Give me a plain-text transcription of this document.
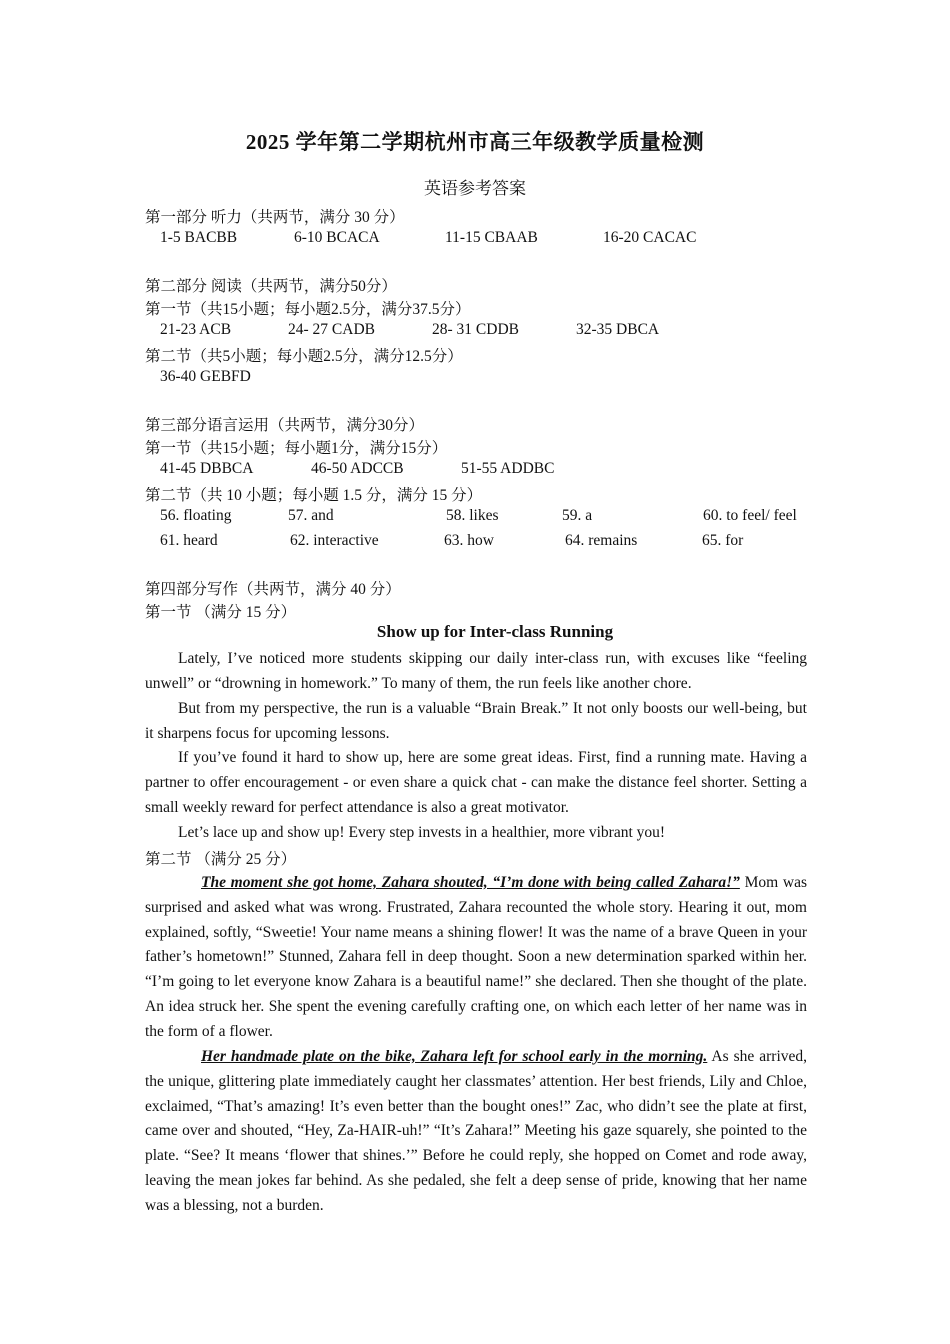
2025 学年第二学期杭州市高三年级教学质量检测
英语参考答案
第一部分 听力（共两节，满分 30 分）
1-5 BACBB	6-10 BCACA	11-15 CBAAB	16-20 CACAC
第二部分 阅读（共两节，满分50分）
第一节（共15小题；每小题2.5分，满分37.5分）
21-23 ACB	24- 27 CADB	28- 31 CDDB	32-35 DBCA
第二节（共5小题；每小题2.5分，满分12.5分）
36-40 GEBFD
第三部分语言运用（共两节，满分30分）
第一节（共15小题；每小题1分，满分15分）
41-45 DBBCA	46-50 ADCCB	51-55 ADDBC
第二节（共 10 小题；每小题 1.5 分，满分 15 分）
56. floating	57. and	58. likes	59. a	60. to feel/ feel
61. heard	62. interactive	63. how	64. remains	65. for
第四部分写作（共两节，满分 40 分）
第一节 （满分 15 分）
Show up for Inter-class Running

Lately, I’ve noticed more students skipping our daily inter-class run, with excuses like “feeling unwell” or “drowning in homework.” To many of them, the run feels like another chore.

But from my perspective, the run is a valuable “Brain Break.” It not only boosts our well-being, but it sharpens focus for upcoming lessons.

If you’ve found it hard to show up, here are some great ideas. First, find a running mate. Having a partner to offer encouragement - or even share a quick chat - can make the distance feel shorter. Setting a small weekly reward for perfect attendance is also a great motivator.

Let’s lace up and show up! Every step invests in a healthier, more vibrant you!

第二节 （满分 25 分）

The moment she got home, Zahara shouted, “I’m done with being called Zahara!” Mom was surprised and asked what was wrong. Frustrated, Zahara recounted the whole story. Hearing it out, mom explained, softly, “Sweetie! Your name means a shining flower! It was the name of a brave Queen in your father’s hometown!” Stunned, Zahara fell in deep thought. Soon a new determination sparked within her. “I’m going to let everyone know Zahara is a beautiful name!” she declared. Then she thought of the plate. An idea struck her. She spent the evening carefully crafting one, on which each letter of her name was in the form of a flower.

Her handmade plate on the bike, Zahara left for school early in the morning. As she arrived, the unique, glittering plate immediately caught her classmates’ attention. Her best friends, Lily and Chloe, exclaimed, “That’s amazing! It’s even better than the bought ones!” Zac, who didn’t see the plate at first, came over and shouted, “Hey, Za-HAIR-uh!” “It’s Zahara!” Meeting his gaze squarely, she pointed to the plate. “See? It means ‘flower that shines.’” Before he could reply, she hopped on Comet and rode away, leaving the mean jokes far behind. As she pedaled, she felt a deep sense of pride, knowing that her name was a blessing, not a burden.
